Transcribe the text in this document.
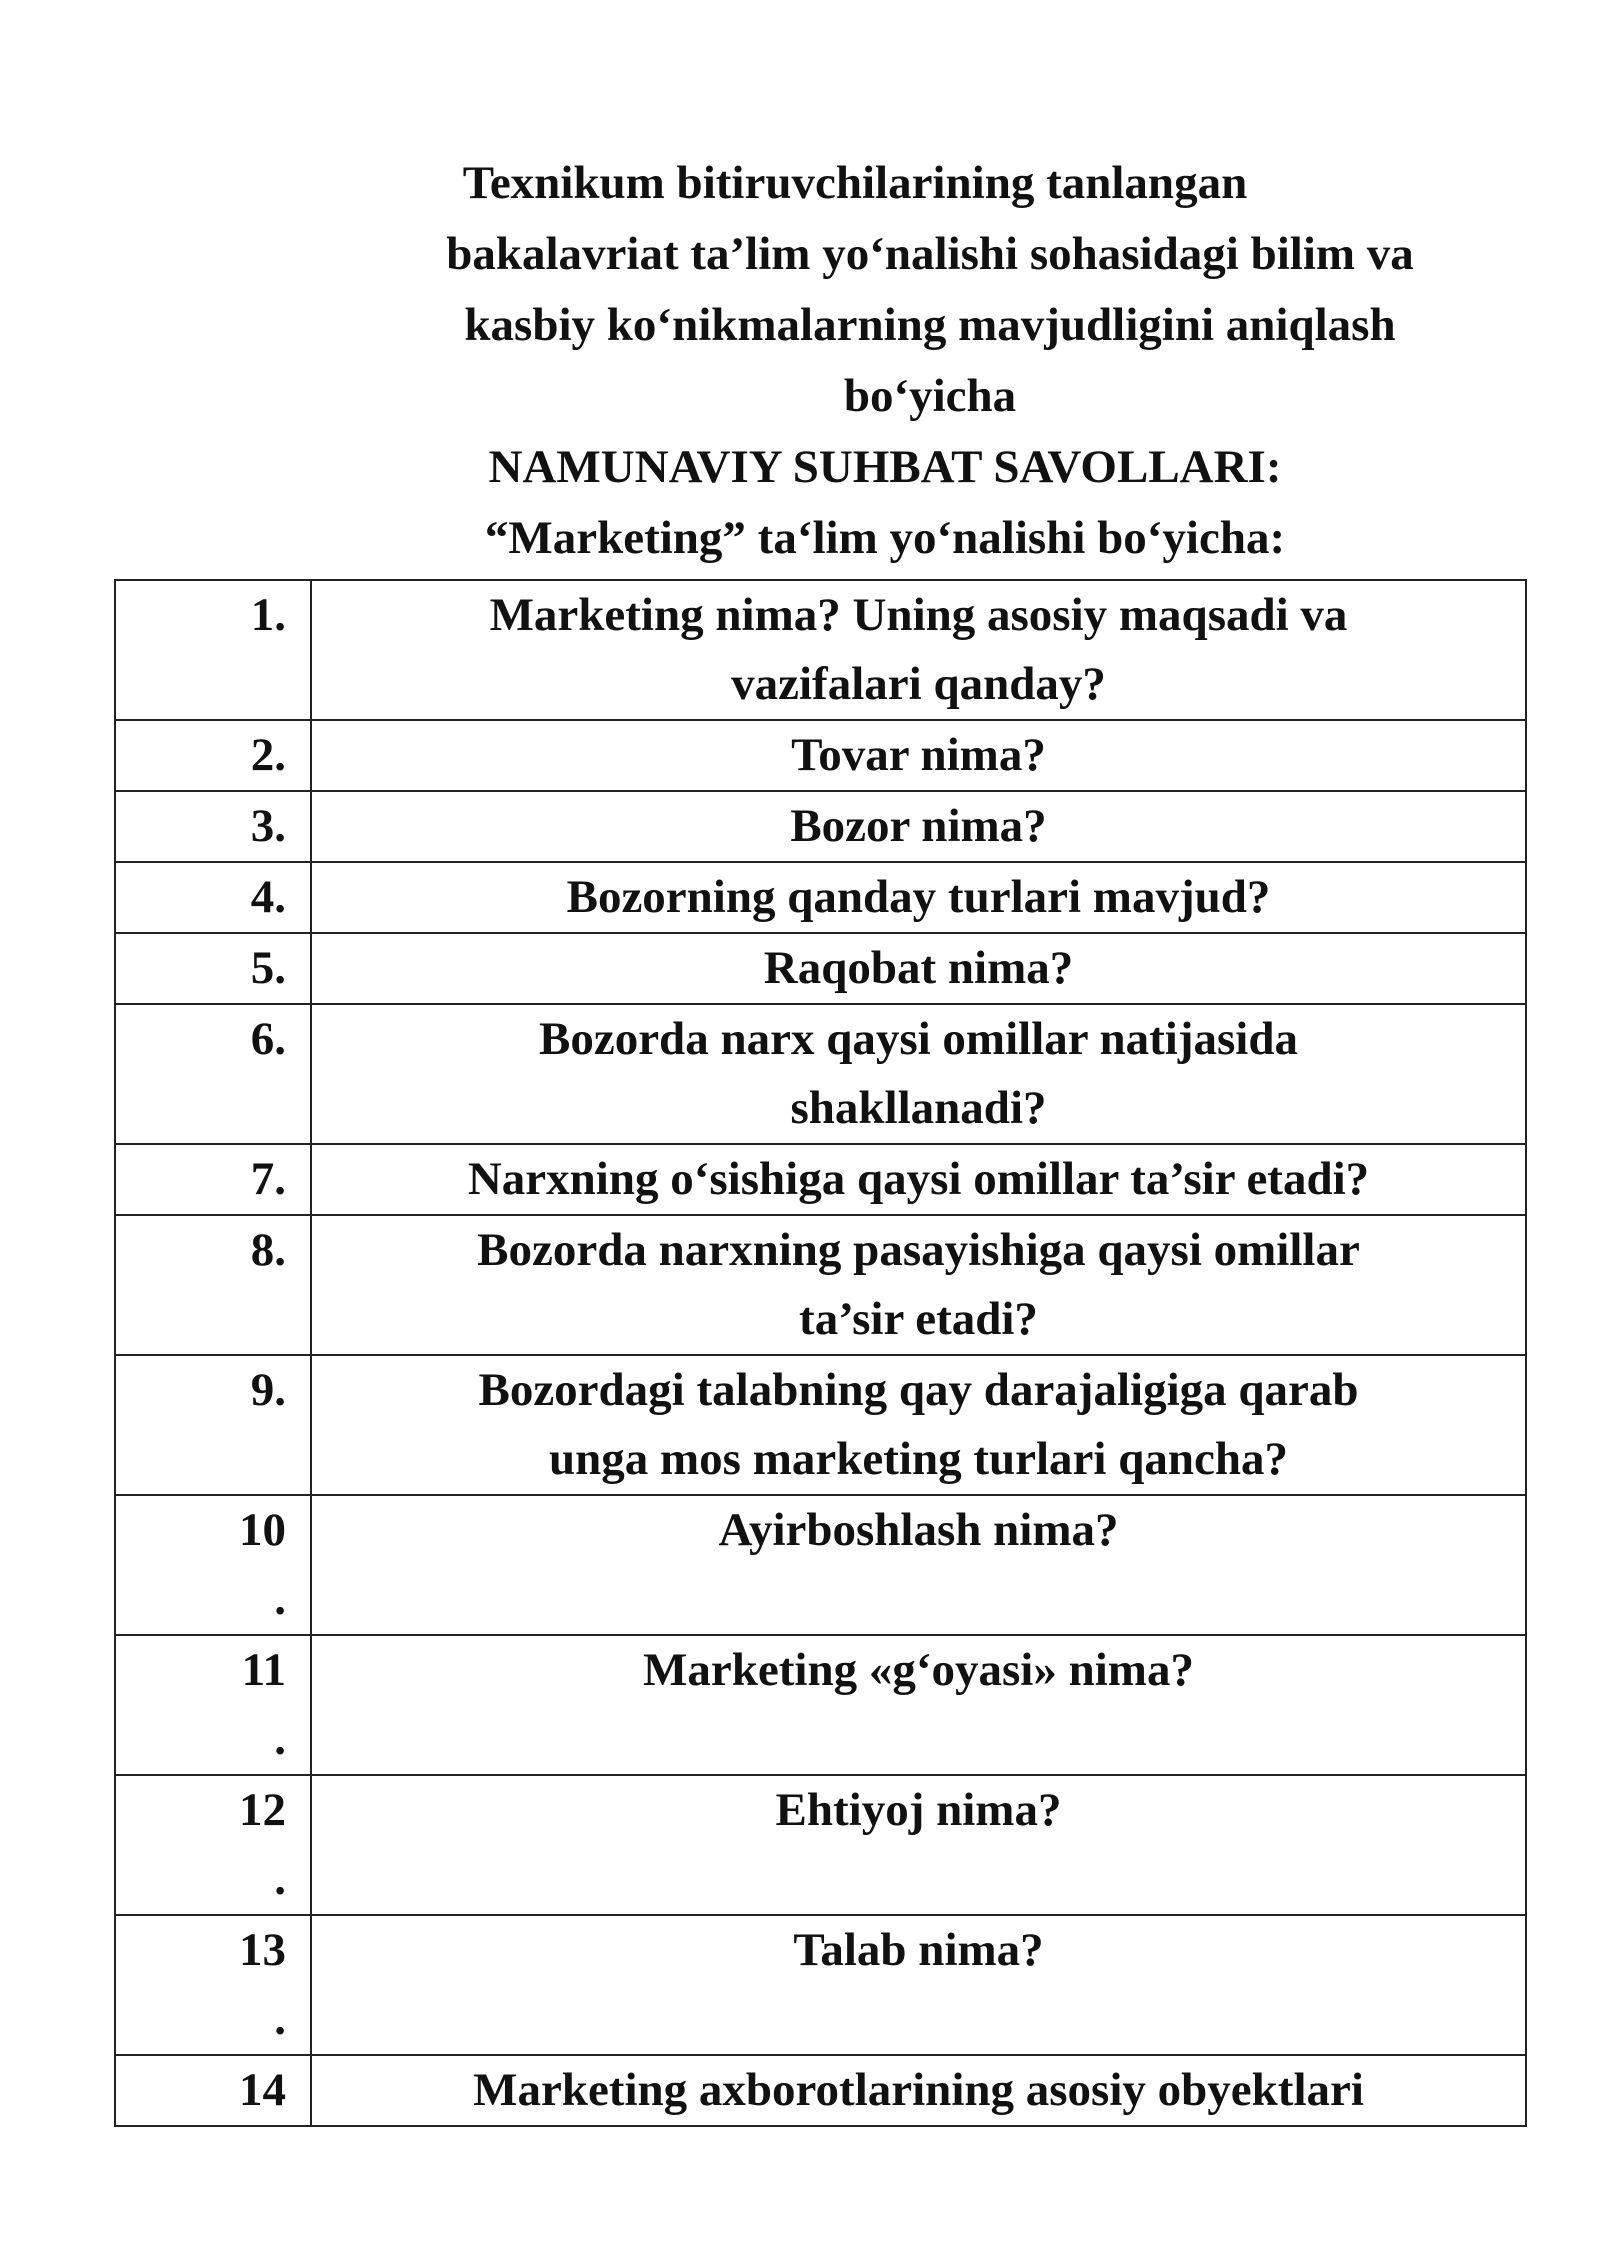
Texnikum bitiruvchilarining tanlangan
bakalavriat ta’lim yo‘nalishi sohasidagi bilim va
kasbiy ko‘nikmalarning mavjudligini aniqlash
bo‘yicha
NAMUNAVIY SUHBAT SAVOLLARI:
“Marketing” ta‘lim yo‘nalishi bo‘yicha:
1.	Marketing nima? Uning asosiy maqsadi va
vazifalari qanday?

2.	Tovar nima?

3.	Bozor nima?

4.	Bozorning qanday turlari mavjud?

5.	Raqobat nima?

6.	Bozorda narx qaysi omillar natijasida
shakllanadi?

7.	Narxning o‘sishiga qaysi omillar ta’sir etadi?

8.	Bozorda narxning pasayishiga qaysi omillar
ta’sir etadi?

9.	Bozordagi talabning qay darajaligiga qarab
unga mos marketing turlari qancha?

10
.	Ayirboshlash nima?

11
.	Marketing «g‘oyasi» nima?

12
.	Ehtiyoj nima?

13
.	Talab nima?

14	Marketing axborotlarining asosiy obyektlari
